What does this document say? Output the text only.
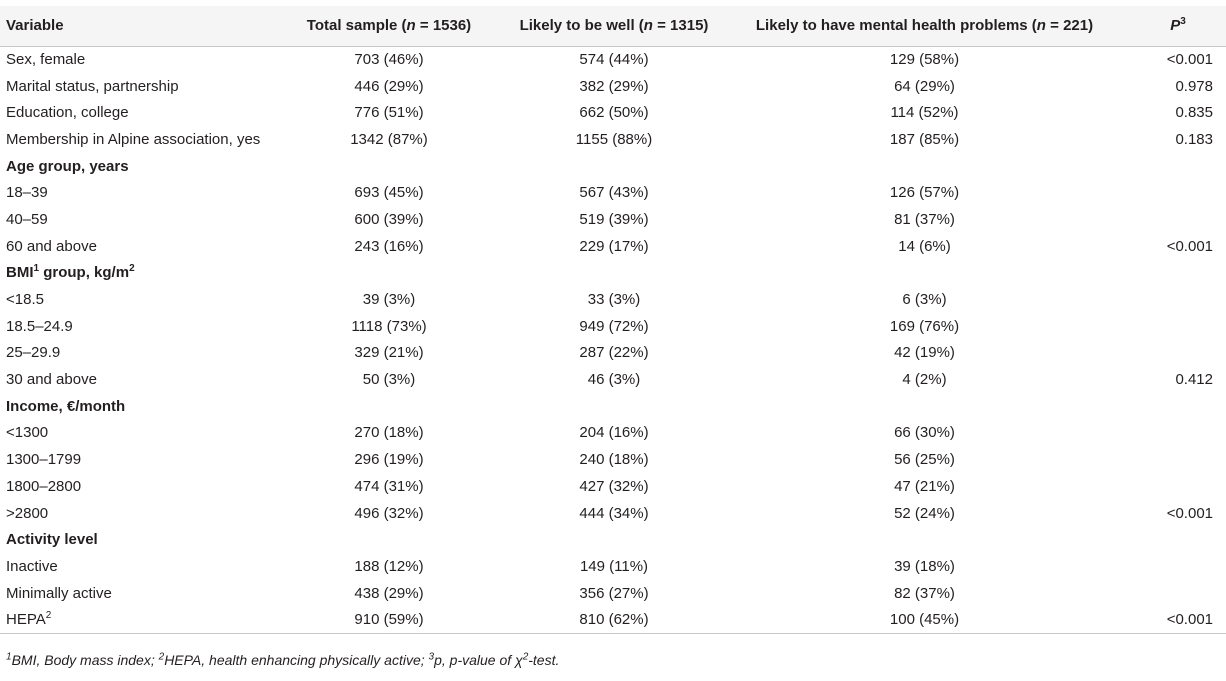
Variable	Total sample (n = 1536)	Likely to be well (n = 1315)	Likely to have mental health problems (n = 221)	$P^3$
Sex, female	703 (46%)	574 (44%)	129 (58%)	<0.001
Marital status, partnership	446 (29%)	382 (29%)	64 (29%)	0.978
Education, college	776 (51%)	662 (50%)	114 (52%)	0.835
Membership in Alpine association, yes	1342 (87%)	1155 (88%)	187 (85%)	0.183
Age group, years				
18–39	693 (45%)	567 (43%)	126 (57%)	
40–59	600 (39%)	519 (39%)	81 (37%)	
60 and above	243 (16%)	229 (17%)	14 (6%)	<0.001
BMI$^1$ group, $kg/m^2$				
<18.5	39 (3%)	33 (3%)	6 (3%)	
18.5–24.9	1118 (73%)	949 (72%)	169 (76%)	
25–29.9	329 (21%)	287 (22%)	42 (19%)	
30 and above	50 (3%)	46 (3%)	4 (2%)	0.412
Income, €/month				
<1300	270 (18%)	204 (16%)	66 (30%)	
1300–1799	296 (19%)	240 (18%)	56 (25%)	
1800–2800	474 (31%)	427 (32%)	47 (21%)	
>2800	496 (32%)	444 (34%)	52 (24%)	<0.001
Activity level				
Inactive	188 (12%)	149 (11%)	39 (18%)	
Minimally active	438 (29%)	356 (27%)	82 (37%)	
HEPA$^2$	910 (59%)	810 (62%)	100 (45%)	<0.001
$^1$BMI, Body mass index; $^2$HEPA, health enhancing physically active; $^3$p, p-value of $\chi^2$-test.
